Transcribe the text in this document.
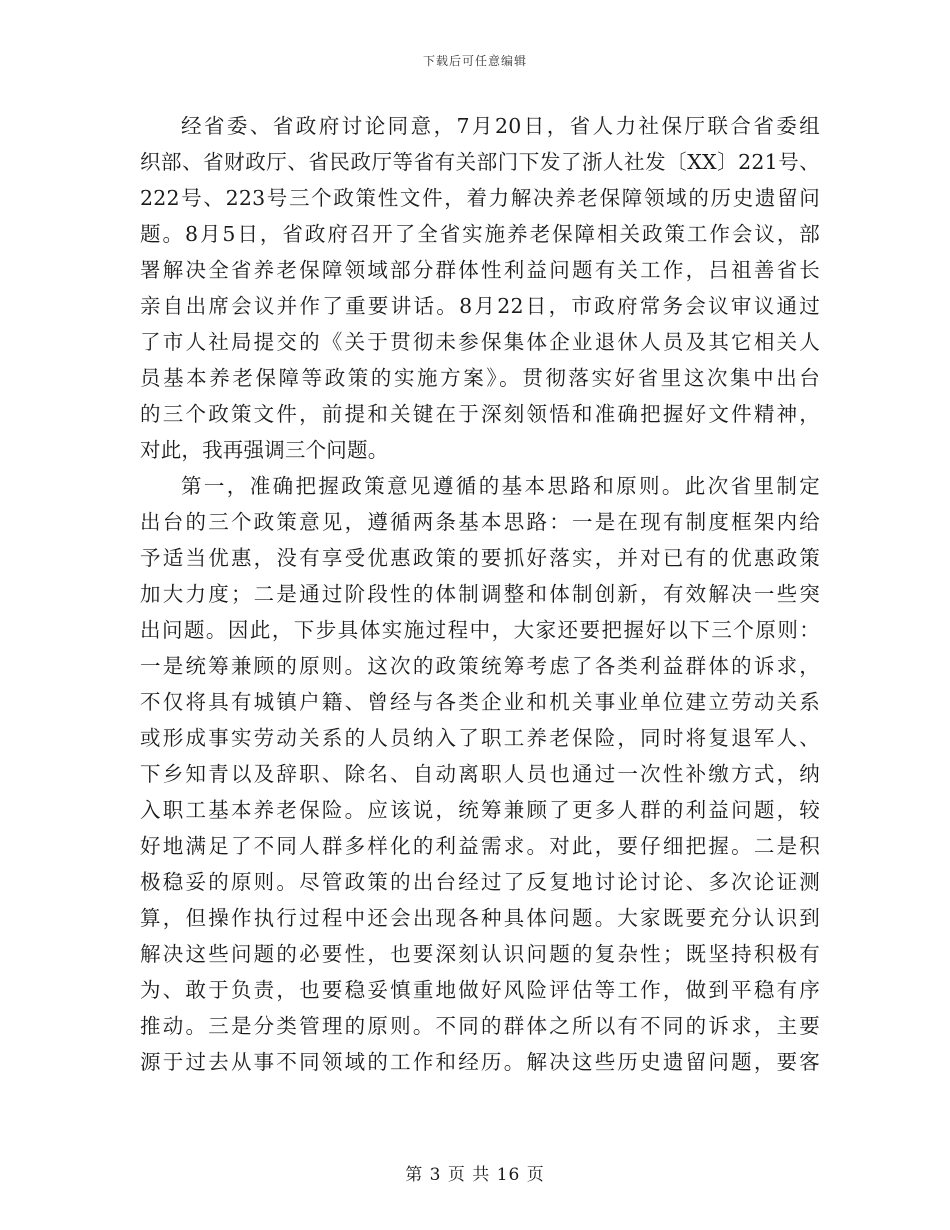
下载后可任意编辑
经省委、省政府讨论同意，7月20日，省人力社保厅联合省委组
织部、省财政厅、省民政厅等省有关部门下发了浙人社发〔XX〕221号、
222号、223号三个政策性文件，着力解决养老保障领域的历史遗留问
题。8月5日，省政府召开了全省实施养老保障相关政策工作会议，部
署解决全省养老保障领域部分群体性利益问题有关工作，吕祖善省长
亲自出席会议并作了重要讲话。8月22日，市政府常务会议审议通过
了市人社局提交的《关于贯彻未参保集体企业退休人员及其它相关人
员基本养老保障等政策的实施方案》。贯彻落实好省里这次集中出台
的三个政策文件，前提和关键在于深刻领悟和准确把握好文件精神，
对此，我再强调三个问题。
第一，准确把握政策意见遵循的基本思路和原则。此次省里制定
出台的三个政策意见，遵循两条基本思路：一是在现有制度框架内给
予适当优惠，没有享受优惠政策的要抓好落实，并对已有的优惠政策
加大力度；二是通过阶段性的体制调整和体制创新，有效解决一些突
出问题。因此，下步具体实施过程中，大家还要把握好以下三个原则：
一是统筹兼顾的原则。这次的政策统筹考虑了各类利益群体的诉求，
不仅将具有城镇户籍、曾经与各类企业和机关事业单位建立劳动关系
或形成事实劳动关系的人员纳入了职工养老保险，同时将复退军人、
下乡知青以及辞职、除名、自动离职人员也通过一次性补缴方式，纳
入职工基本养老保险。应该说，统筹兼顾了更多人群的利益问题，较
好地满足了不同人群多样化的利益需求。对此，要仔细把握。二是积
极稳妥的原则。尽管政策的出台经过了反复地讨论讨论、多次论证测
算，但操作执行过程中还会出现各种具体问题。大家既要充分认识到
解决这些问题的必要性，也要深刻认识问题的复杂性；既坚持积极有
为、敢于负责，也要稳妥慎重地做好风险评估等工作，做到平稳有序
推动。三是分类管理的原则。不同的群体之所以有不同的诉求，主要
源于过去从事不同领域的工作和经历。解决这些历史遗留问题，要客
第 3 页 共 16 页
